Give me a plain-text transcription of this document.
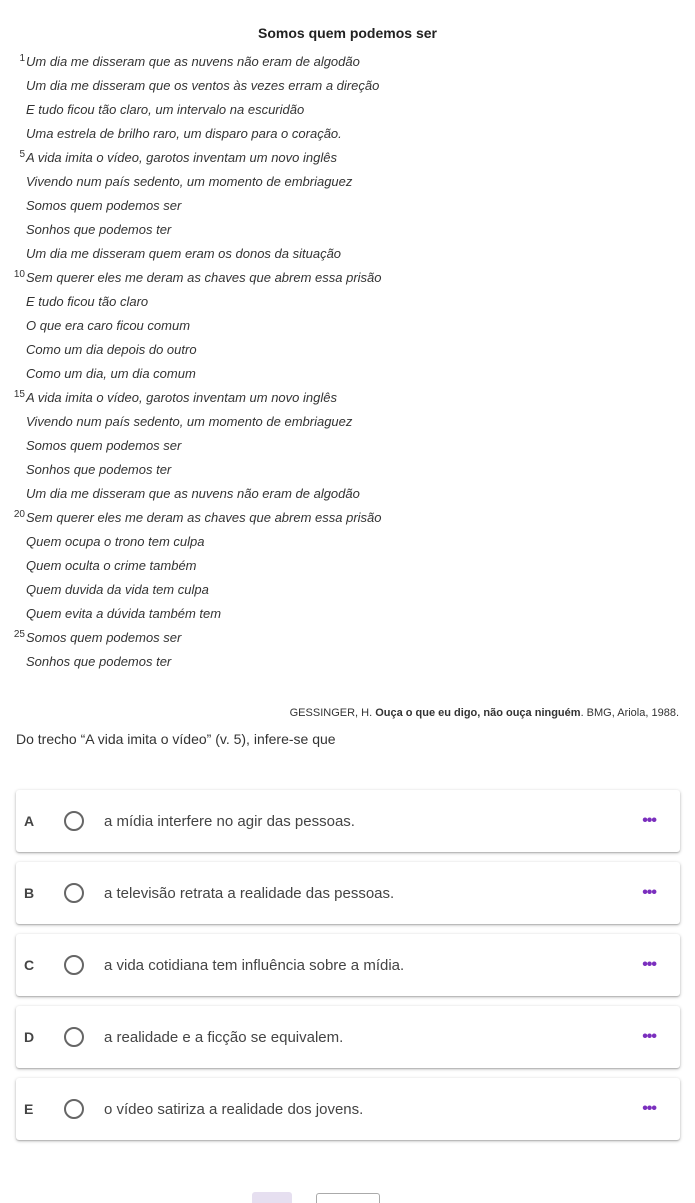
Somos quem podemos ser
1 Um dia me disseram que as nuvens não eram de algodão
Um dia me disseram que os ventos às vezes erram a direção
E tudo ficou tão claro, um intervalo na escuridão
Uma estrela de brilho raro, um disparo para o coração.
5 A vida imita o vídeo, garotos inventam um novo inglês
Vivendo num país sedento, um momento de embriaguez
Somos quem podemos ser
Sonhos que podemos ter
Um dia me disseram quem eram os donos da situação
10 Sem querer eles me deram as chaves que abrem essa prisão
E tudo ficou tão claro
O que era caro ficou comum
Como um dia depois do outro
Como um dia, um dia comum
15 A vida imita o vídeo, garotos inventam um novo inglês
Vivendo num país sedento, um momento de embriaguez
Somos quem podemos ser
Sonhos que podemos ter
Um dia me disseram que as nuvens não eram de algodão
20 Sem querer eles me deram as chaves que abrem essa prisão
Quem ocupa o trono tem culpa
Quem oculta o crime também
Quem duvida da vida tem culpa
Quem evita a dúvida também tem
25 Somos quem podemos ser
Sonhos que podemos ter
GESSINGER, H. Ouça o que eu digo, não ouça ninguém. BMG, Ariola, 1988.
Do trecho “A vida imita o vídeo” (v. 5), infere-se que
A	a mídia interfere no agir das pessoas.	•••
B	a televisão retrata a realidade das pessoas.	•••
C	a vida cotidiana tem influência sobre a mídia.	•••
D	a realidade e a ficção se equivalem.	•••
E	o vídeo satiriza a realidade dos jovens.	•••
